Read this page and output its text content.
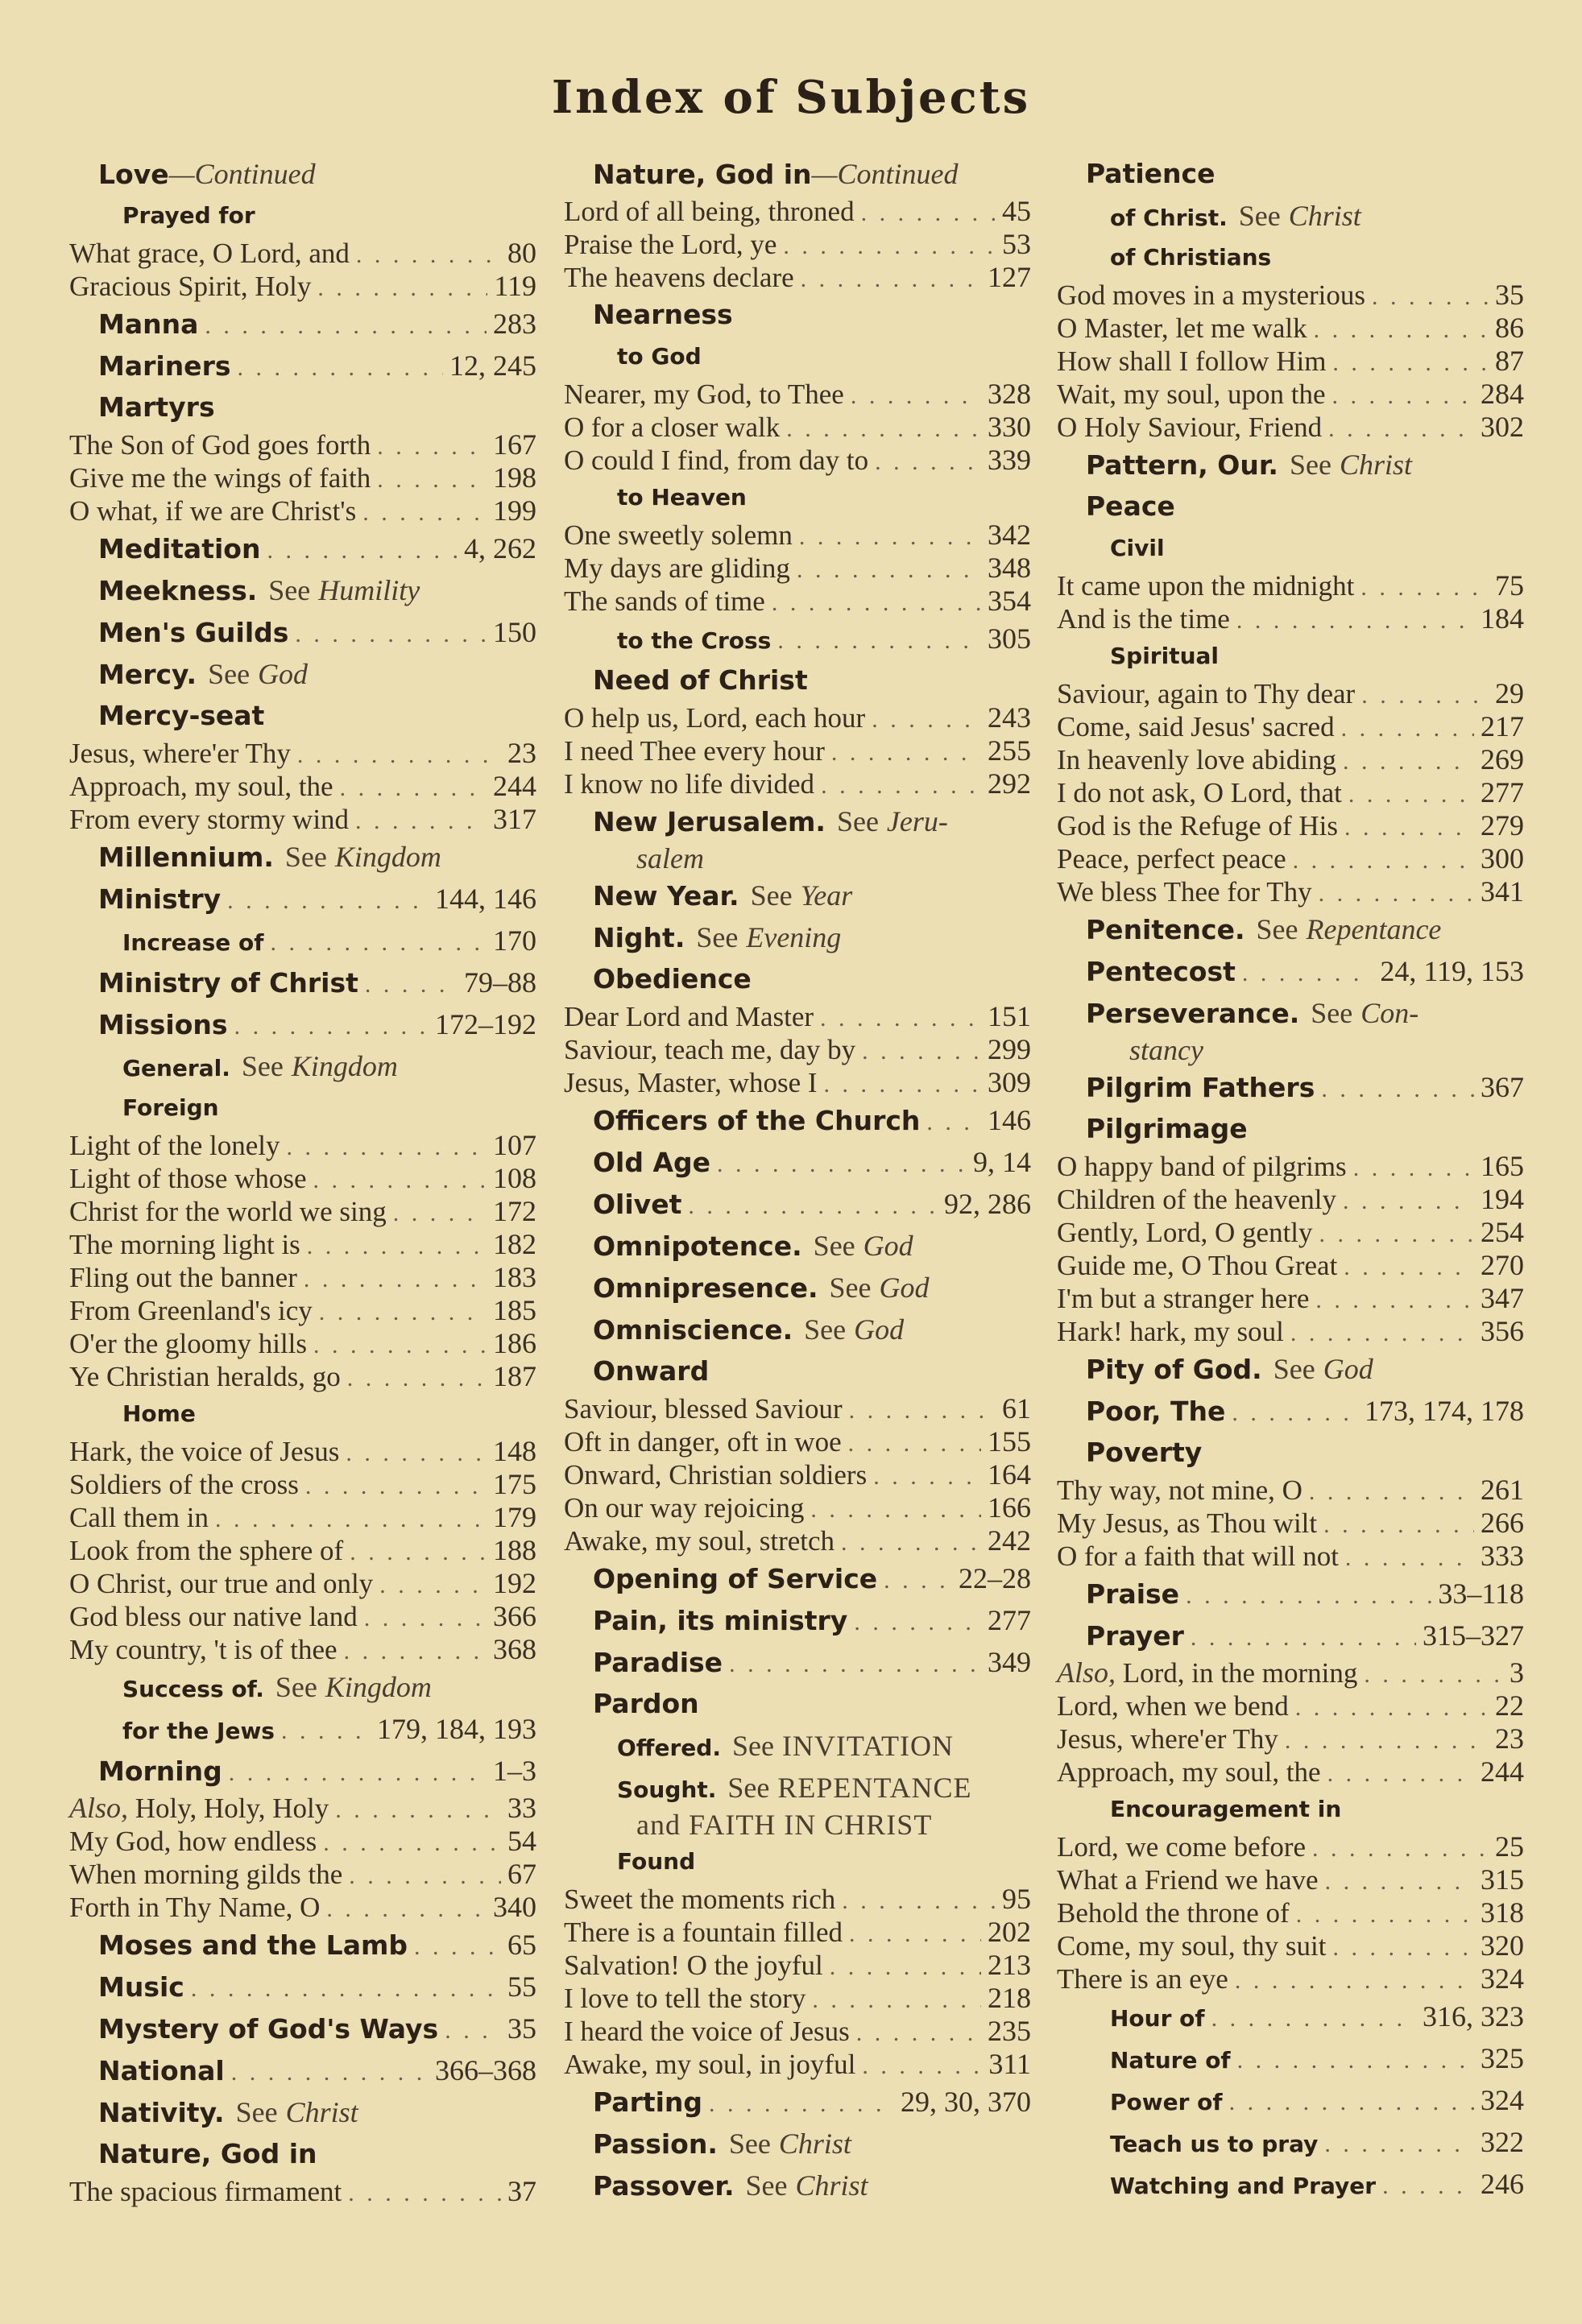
Index of Subjects
Love —Continued
Prayed for
What grace, O Lord, and . . .	80
Gracious Spirit, Holy . . .	119
Manna . . .	283
Mariners . . .	12, 245
Martyrs
The Son of God goes forth . . .	167
Give me the wings of faith . . .	198
O what, if we are Christ's . . .	199
Meditation . . .	4, 262
Meekness. See Humility
Men's Guilds . . .	150
Mercy. See God
Mercy-seat
Jesus, where'er Thy . . .	23
Approach, my soul, the . . .	244
From every stormy wind . . .	317
Millennium. See Kingdom
Ministry . . .	144, 146
Increase of . . .	170
Ministry of Christ . . .	79–88
Missions . . .	172–192
General. See Kingdom
Foreign
Light of the lonely . . .	107
Light of those whose . . .	108
Christ for the world we sing . . .	172
The morning light is . . .	182
Fling out the banner . . .	183
From Greenland's icy . . .	185
O'er the gloomy hills . . .	186
Ye Christian heralds, go . . .	187
Home
Hark, the voice of Jesus . . .	148
Soldiers of the cross . . .	175
Call them in . . .	179
Look from the sphere of . . .	188
O Christ, our true and only . . .	192
God bless our native land . . .	366
My country, 't is of thee . . .	368
Success of. See Kingdom
for the Jews . . .	179, 184, 193
Morning . . .	1–3
Also,
Holy, Holy, Holy . . .	33
My God, how endless . . .	54
When morning gilds the . . .	67
Forth in Thy Name, O . . .	340
Moses and the Lamb . . .	65
Music . . .	55
Mystery of God's Ways . . . 35
National . . .	366–368
Nativity. See Christ
Nature, God in
The spacious firmament . . .	37
Nature, God in —Continued
Lord of all being, throned . . .	45
Praise the Lord, ye . . .	53
The heavens declare . . .	127
Nearness
to God
Nearer, my God, to Thee . . .	328
O for a closer walk . . .	330
O could I find, from day to . . .	339
to Heaven
One sweetly solemn . . .	342
My days are gliding . . .	348
The sands of time . . .	354
to the Cross . . .	305
Need of Christ
O help us, Lord, each hour . . .	243
I need Thee every hour . . .	255
I know no life divided . . .	292
New Jerusalem. See Jeru-
salem
New Year. See Year
Night. See Evening
Obedience
Dear Lord and Master . . .	151
Saviour, teach me, day by . . .	299
Jesus, Master, whose I . . .	309
Officers of the Church . . . 146
Old Age . . .	9, 14
Olivet . . .	92, 286
Omnipotence. See God
Omnipresence. See God
Omniscience. See God
Onward
Saviour, blessed Saviour . . .	61
Oft in danger, oft in woe . . .	155
Onward, Christian soldiers . . .	164
On our way rejoicing . . .	166
Awake, my soul, stretch . . .	242
Opening of Service . . .	22–28
Pain, its ministry . . .	277
Paradise . . .	349
Pardon
Offered. See INVITATION
Sought. See REPENTANCE
and FAITH IN CHRIST
Found
Sweet the moments rich . . .	95
There is a fountain filled . . .	202
Salvation! O the joyful . . .	213
I love to tell the story . . .	218
I heard the voice of Jesus . . .	235
Awake, my soul, in joyful . . .	311
Parting . . .	29, 30, 370
Passion. See Christ
Passover. See Christ
Patience
of Christ. See Christ
of Christians
God moves in a mysterious . . .	35
O Master, let me walk . . .	86
How shall I follow Him . . .	87
Wait, my soul, upon the . . .	284
O Holy Saviour, Friend . . .	302
Pattern, Our. See Christ
Peace
Civil
It came upon the midnight . . .	75
And is the time . . .	184
Spiritual
Saviour, again to Thy dear . . .	29
Come, said Jesus' sacred . . .	217
In heavenly love abiding . . .	269
I do not ask, O Lord, that . . .	277
God is the Refuge of His . . .	279
Peace, perfect peace . . .	300
We bless Thee for Thy . . .	341
Penitence. See Repentance
Pentecost . . .	24, 119, 153
Perseverance. See Con-
stancy
Pilgrim Fathers . . .	367
Pilgrimage
O happy band of pilgrims . . .	165
Children of the heavenly . . .	194
Gently, Lord, O gently . . .	254
Guide me, O Thou Great . . .	270
I'm but a stranger here . . .	347
Hark! hark, my soul . . .	356
Pity of God. See God
Poor, The . . .	173, 174, 178
Poverty
Thy way, not mine, O . . .	261
My Jesus, as Thou wilt . . .	266
O for a faith that will not . . .	333
Praise . . .	33–118
Prayer . . .	315–327
Also,
Lord, in the morning . . .	3
Lord, when we bend . . .	22
Jesus, where'er Thy . . .	23
Approach, my soul, the . . .	244
Encouragement in
Lord, we come before . . .	25
What a Friend we have . . .	315
Behold the throne of . . .	318
Come, my soul, thy suit . . .	320
There is an eye . . .	324
Hour of . . .	316, 323
Nature of . . .	325
Power of . . .	324
Teach us to pray . . .	322
Watching and Prayer . . .	246
